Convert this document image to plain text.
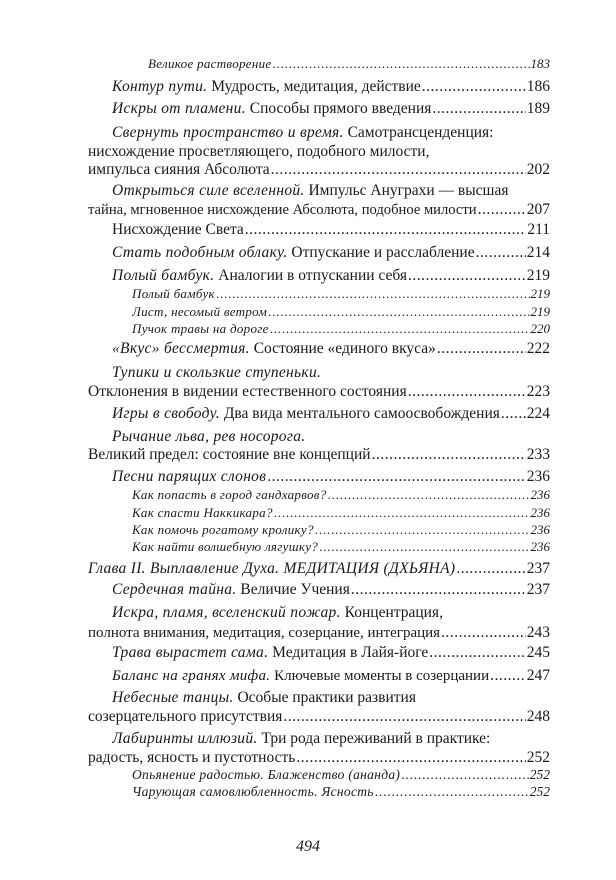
Великое растворение .....	183
Контур пути. Мудрость, медитация, действие .....	186
Искры от пламени. Способы прямого введения .....	189
Свернуть пространство и время. Самотрансценденция:
нисхождение просветляющего, подобного милости,
импульса сияния Абсолюта .....	202
Открыться силе вселенной. Импульс Ануграхи — высшая
тайна, мгновенное нисхождение Абсолюта, подобное милости .....	207
Нисхождение Света .....	211
Стать подобным облаку. Отпускание и расслабление .....	214
Полый бамбук. Аналогии в отпускании себя .....	219
Полый бамбук .....	219
Лист, несомый ветром .....	219
Пучок травы на дороге .....	220
«Вкус» бессмертия. Состояние «единого вкуса» .....	222
Тупики и скользкие ступеньки.
Отклонения в видении естественного состояния .....	223
Игры в свободу. Два вида ментального самоосвобождения ..... 224
Рычание льва, рев носорога.
Великий предел: состояние вне концепций .....	233
Песни парящих слонов .....	236
Как попасть в город гандхарвов? .....	236
Как спасти Наккикара? .....	236
Как помочь рогатому кролику? .....	236
Как найти волшебную лягушку? .....	236
Глава II. Выплавление Духа. МЕДИТАЦИЯ (ДХЬЯНА) .....	237
Сердечная тайна. Величие Учения .....	237
Искра, пламя, вселенский пожар. Концентрация,
полнота внимания, медитация, созерцание, интеграция .....	243
Трава вырастет сама. Медитация в Лайя-йоге .....	245
Баланс на гранях мифа. Ключевые моменты в созерцании ..... 247
Небесные танцы. Особые практики развития
созерцательного присутствия .....	248
Лабиринты иллюзий. Три рода переживаний в практике:
радость, ясность и пустотность .....	252
Опьянение радостью. Блаженство (ананда) .....	252
Чарующая самовлюбленность. Ясность .....	252
494
